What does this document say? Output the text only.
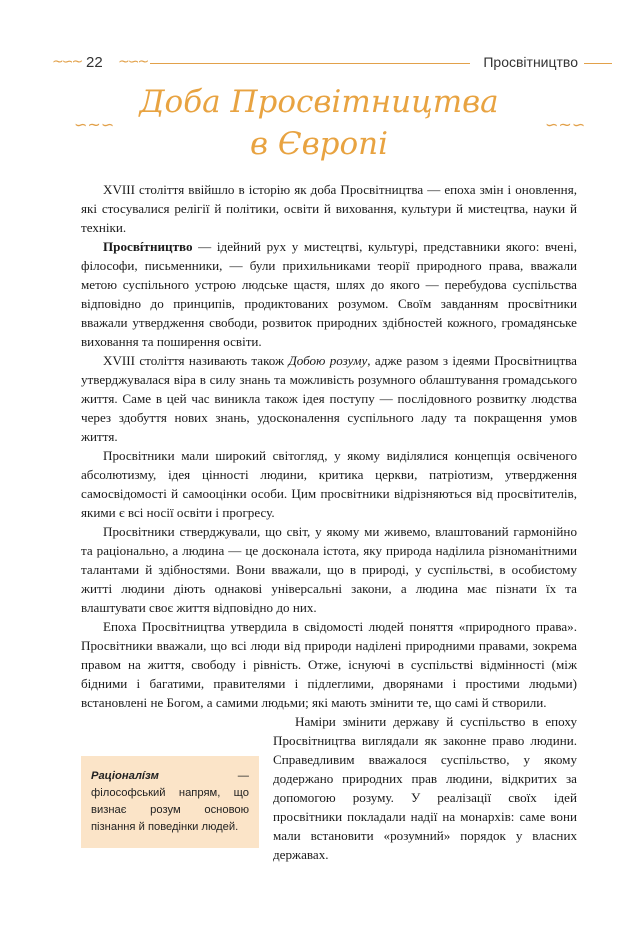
~∽~ 22 ~∽~	Просвітництво
∽~∽
Доба Просвітництва
в Європі
∽~∽

XVIII століття ввійшло в історію як доба Просвітництва — епоха змін і оновлення, які стосувалися релігії й політики, освіти й виховання, культури й мистецтва, науки й техніки.

Просвíтництво — ідейний рух у мистецтві, культурі, представники якого: вчені, філософи, письменники, — були прихильниками теорії природного права, вважали метою суспільного устрою людське щастя, шлях до якого — перебудова суспільства відповідно до принципів, продиктованих розумом. Своїм завданням просвітники вважали утвердження свободи, розвиток природних здібностей кожного, громадянське виховання та поширення освіти.

XVIII століття називають також Добою розуму, адже разом з ідеями Просвітництва утверджувалася віра в силу знань та можливість розумного облаштування громадського життя. Саме в цей час виникла також ідея поступу — послідовного розвитку людства через здобуття нових знань, удосконалення суспільного ладу та покращення умов життя.

Просвітники мали широкий світогляд, у якому виділялися концепція освіченого абсолютизму, ідея цінності людини, критика церкви, патріотизм, утвердження самосвідомості й самооцінки особи. Цим просвітники відрізняються від просвітителів, якими є всі носії освіти і прогресу.

Просвітники стверджували, що світ, у якому ми живемо, влаштований гармонійно та раціонально, а людина — це досконала істота, яку природа наділила різноманітними талантами й здібностями. Вони вважали, що в природі, у суспільстві, в особистому житті людини діють однакові універсальні закони, а людина має пізнати їх та влаштувати своє життя відповідно до них.

Епоха Просвітництва утвердила в свідомості людей поняття «природного права». Просвітники вважали, що всі люди від природи наділені природними правами, зокрема правом на життя, свободу і рівність. Отже, існуючі в суспільстві відмінності (між бідними і багатими, правителями і підлеглими, дворянами і простими людьми) встановлені не Богом, а самими людьми; які мають змінити те, що самі й створили.

Раціоналíзм — філософський напрям, що визнає розум основою пізнання й поведінки людей.

Наміри змінити державу й суспільство в епоху Просвітництва виглядали як законне право людини. Справедливим вважалося суспільство, у якому додержано природних прав людини, відкритих за допомогою розуму. У реалізації своїх ідей просвітники покладали надії на монархів: саме вони мали встановити «розумний» порядок у власних державах.
